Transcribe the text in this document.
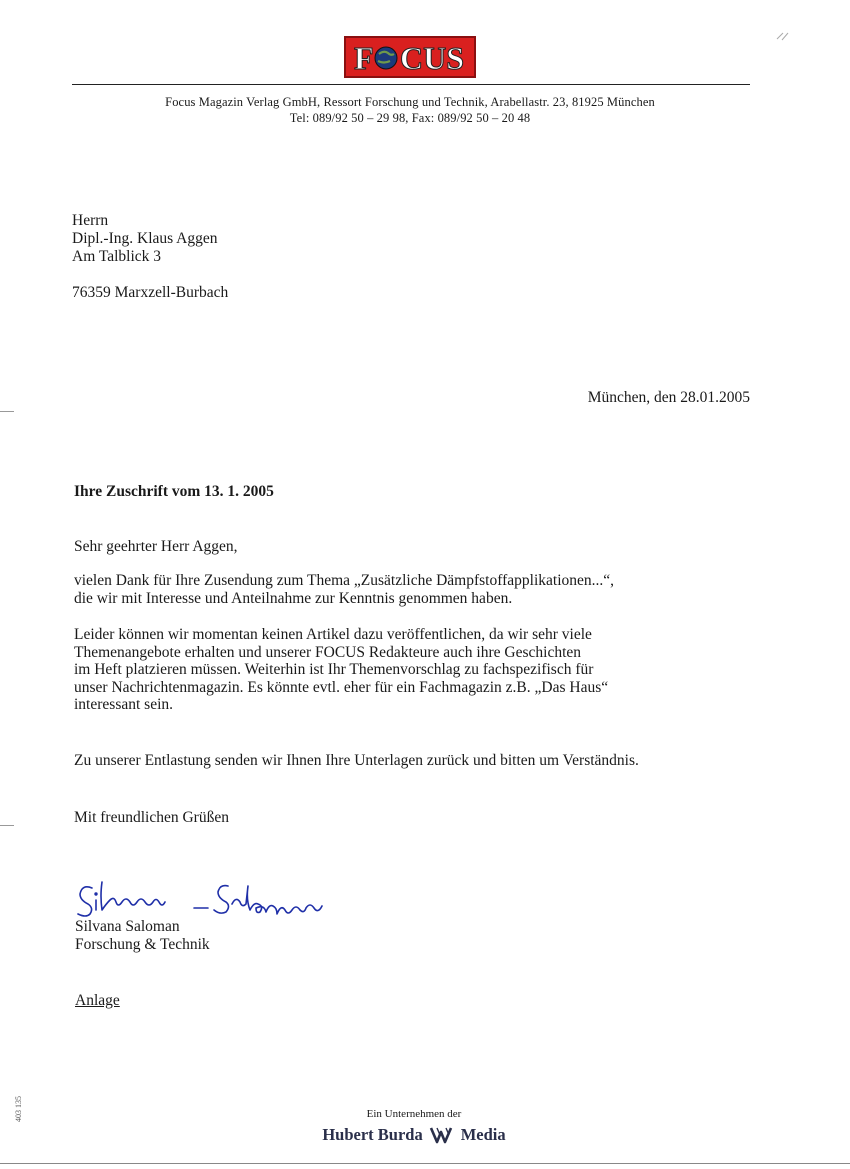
F CUS
Focus Magazin Verlag GmbH, Ressort Forschung und Technik, Arabellastr. 23, 81925 München
Tel: 089/92 50 – 29 98, Fax: 089/92 50 – 20 48
Herrn
Dipl.-Ing. Klaus Aggen
Am Talblick 3
76359 Marxzell-Burbach
München, den 28.01.2005
Ihre Zuschrift vom 13. 1. 2005
Sehr geehrter Herr Aggen,
vielen Dank für Ihre Zusendung zum Thema „Zusätzliche Dämpfstoffapplikationen...“,
die wir mit Interesse und Anteilnahme zur Kenntnis genommen haben.
Leider können wir momentan keinen Artikel dazu veröffentlichen, da wir sehr viele
Themenangebote erhalten und unserer FOCUS Redakteure auch ihre Geschichten
im Heft platzieren müssen. Weiterhin ist Ihr Themenvorschlag zu fachspezifisch für
unser Nachrichtenmagazin. Es könnte evtl. eher für ein Fachmagazin z.B. „Das Haus“
interessant sein.
Zu unserer Entlastung senden wir Ihnen Ihre Unterlagen zurück und bitten um Verständnis.
Mit freundlichen Grüßen
Silvana Saloman
Forschung & Technik
Anlage
Ein Unternehmen der
Hubert Burda Media
403 135
